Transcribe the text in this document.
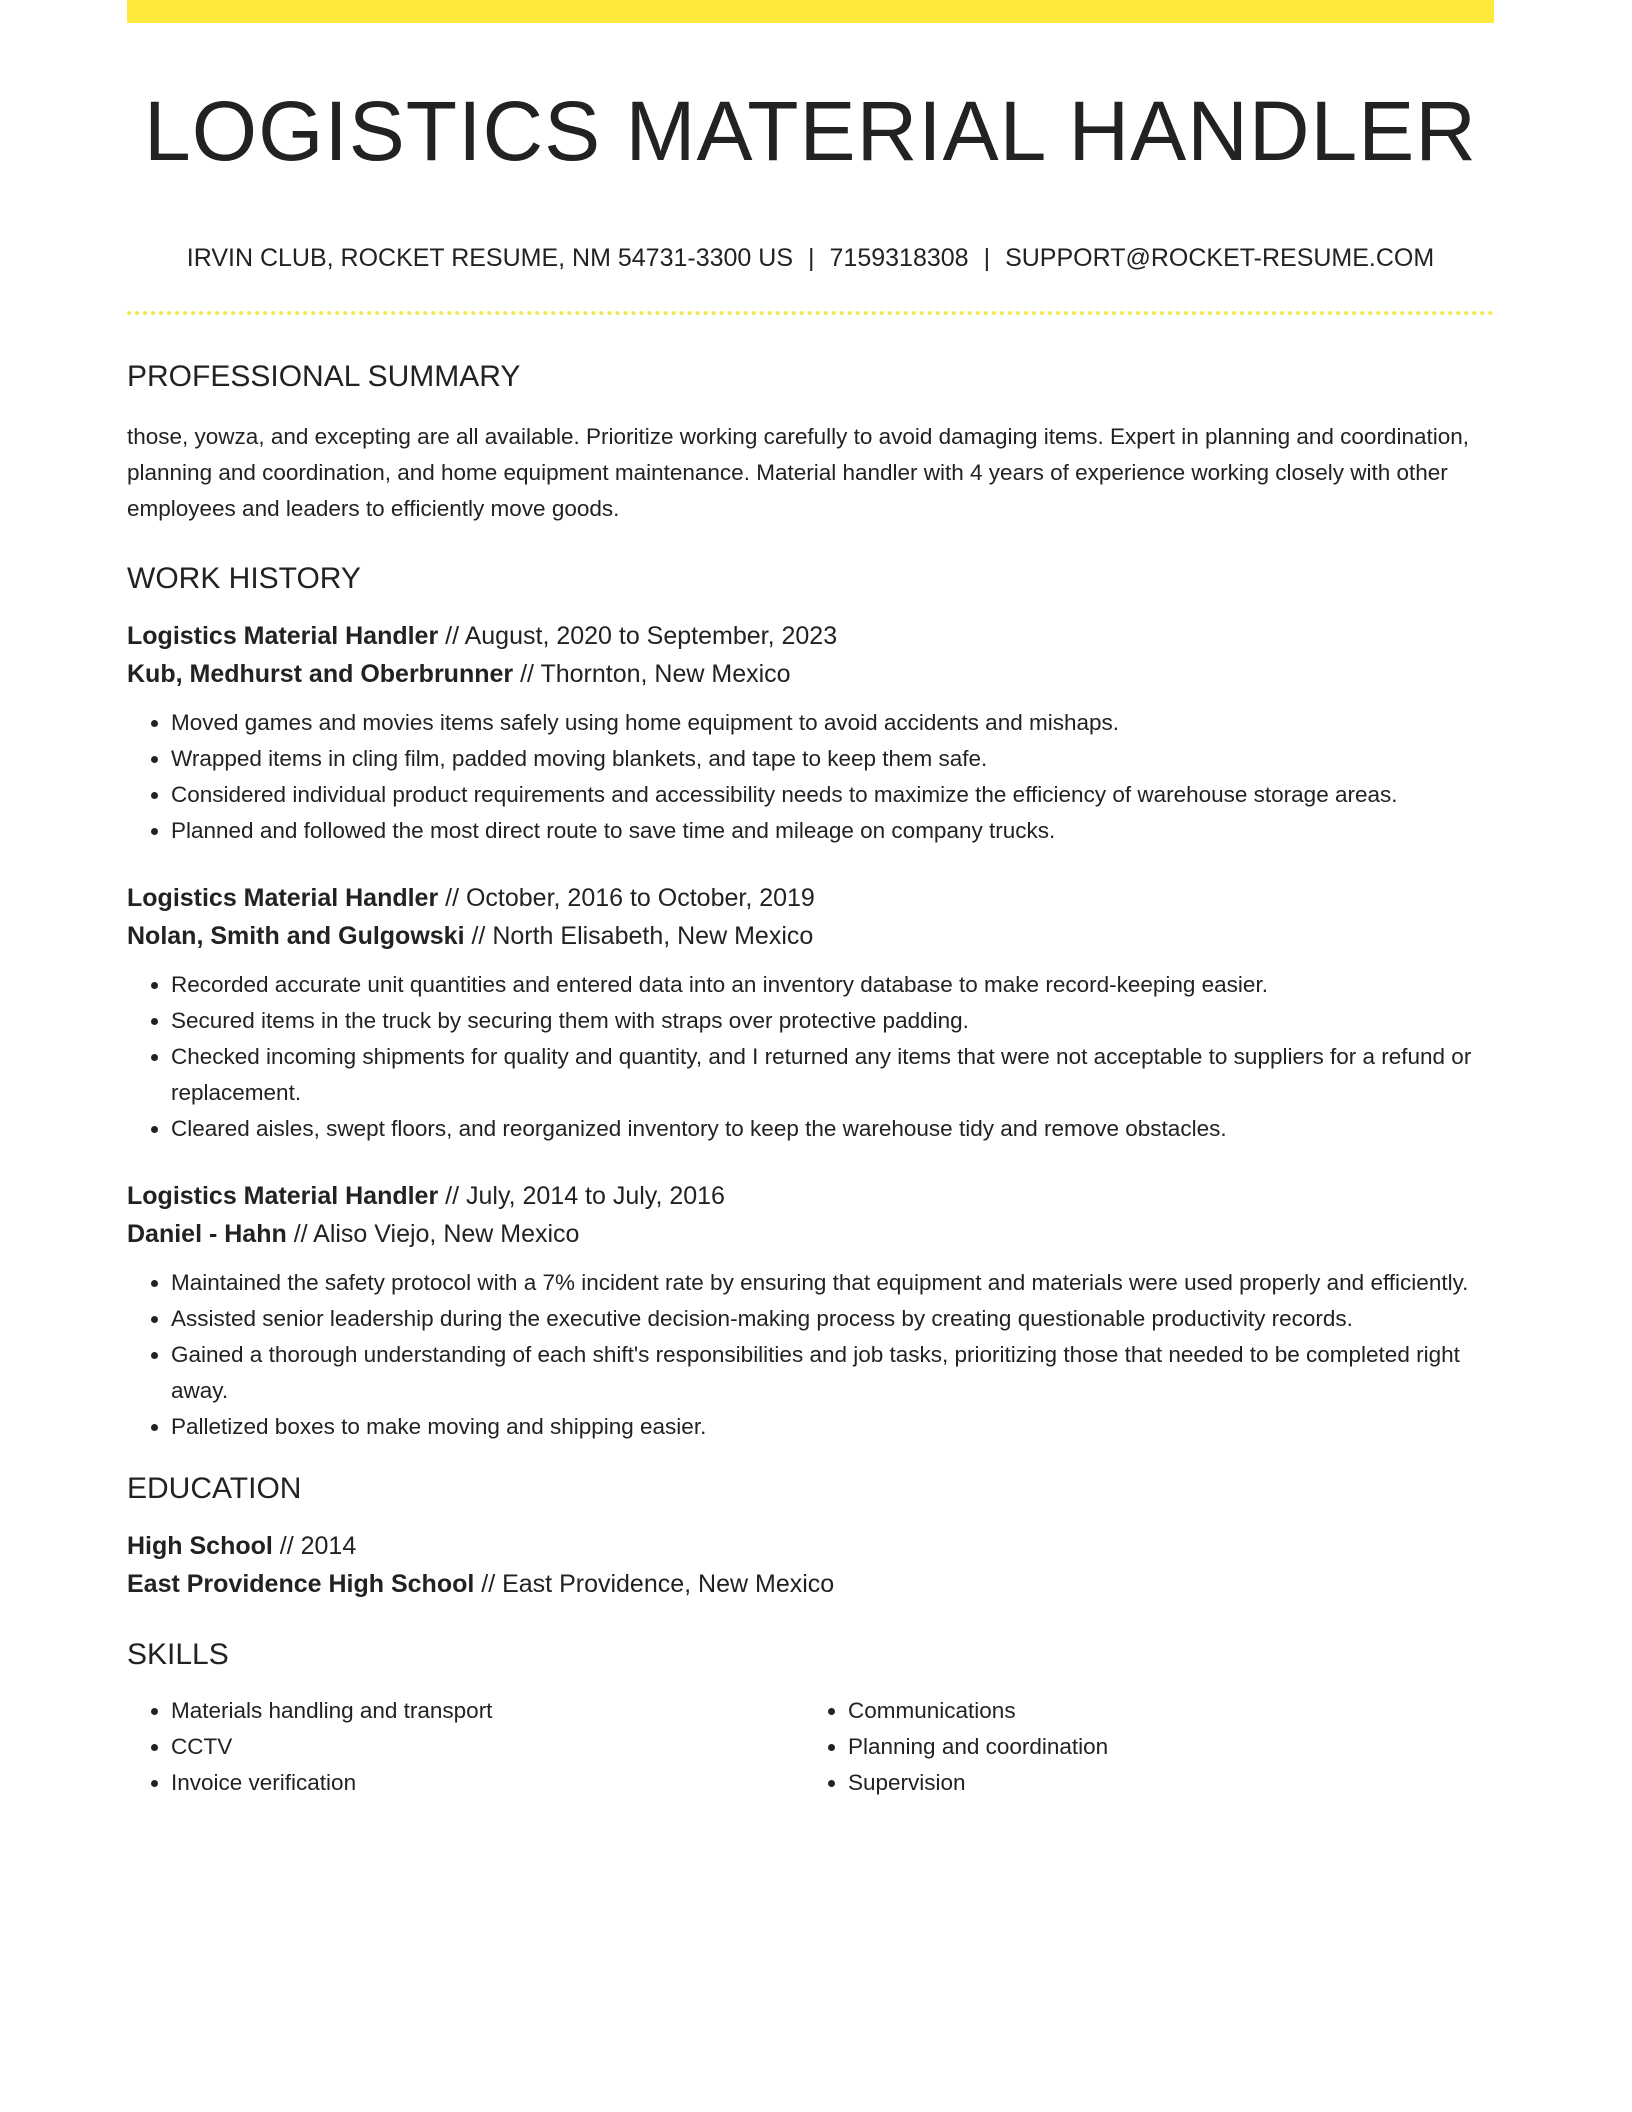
LOGISTICS MATERIAL HANDLER
IRVIN CLUB, ROCKET RESUME, NM 54731-3300 US | 7159318308 | SUPPORT@ROCKET-RESUME.COM
PROFESSIONAL SUMMARY

those, yowza, and excepting are all available. Prioritize working carefully to avoid damaging items. Expert in planning and coordination, planning and coordination, and home equipment maintenance. Material handler with 4 years of experience working closely with other employees and leaders to efficiently move goods.

WORK HISTORY
Logistics Material Handler // August, 2020 to September, 2023
Kub, Medhurst and Oberbrunner // Thornton, New Mexico
• Moved games and movies items safely using home equipment to avoid accidents and mishaps.
• Wrapped items in cling film, padded moving blankets, and tape to keep them safe.
• Considered individual product requirements and accessibility needs to maximize the efficiency of warehouse storage areas.
• Planned and followed the most direct route to save time and mileage on company trucks.
Logistics Material Handler // October, 2016 to October, 2019
Nolan, Smith and Gulgowski // North Elisabeth, New Mexico
• Recorded accurate unit quantities and entered data into an inventory database to make record-keeping easier.
• Secured items in the truck by securing them with straps over protective padding.
• Checked incoming shipments for quality and quantity, and I returned any items that were not acceptable to suppliers for a refund or replacement.
• Cleared aisles, swept floors, and reorganized inventory to keep the warehouse tidy and remove obstacles.
Logistics Material Handler // July, 2014 to July, 2016
Daniel - Hahn // Aliso Viejo, New Mexico
• Maintained the safety protocol with a 7% incident rate by ensuring that equipment and materials were used properly and efficiently.
• Assisted senior leadership during the executive decision-making process by creating questionable productivity records.
• Gained a thorough understanding of each shift's responsibilities and job tasks, prioritizing those that needed to be completed right away.
• Palletized boxes to make moving and shipping easier.
EDUCATION
High School // 2014
East Providence High School // East Providence, New Mexico
SKILLS
• Materials handling and transport
• CCTV
• Invoice verification
• Communications
• Planning and coordination
• Supervision
